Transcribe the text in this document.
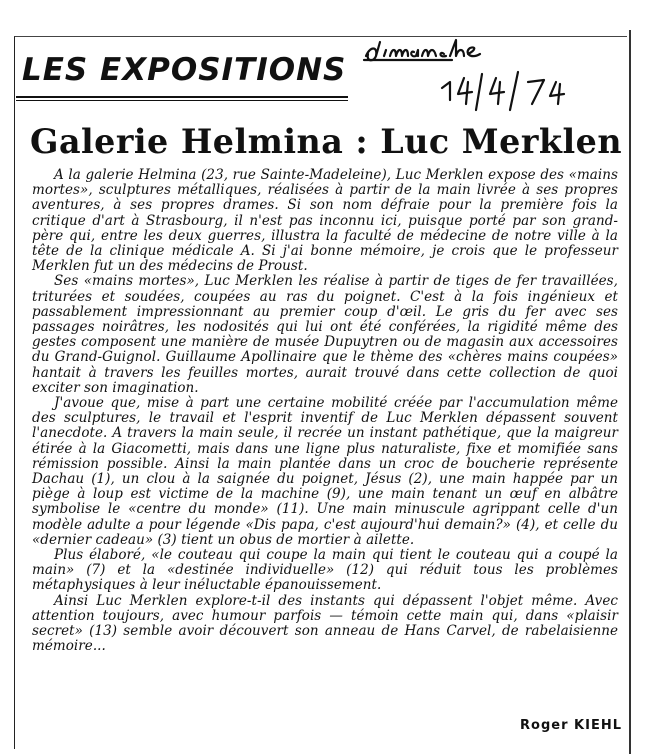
LES EXPOSITIONS
Galerie Helmina : Luc Merklen

A la galerie Helmina (23, rue Sainte-Madeleine), Luc Merklen expose des «mains mortes», sculptures métalliques, réalisées à partir de la main livrée à ses propres aventures, à ses propres drames. Si son nom défraie pour la première fois la critique d'art à Strasbourg, il n'est pas inconnu ici, puisque porté par son grand-père qui, entre les deux guerres, illustra la faculté de médecine de notre ville à la tête de la clinique médicale A. Si j'ai bonne mémoire, je crois que le professeur Merklen fut un des médecins de Proust.

Ses «mains mortes», Luc Merklen les réalise à partir de tiges de fer travaillées, triturées et soudées, coupées au ras du poignet. C'est à la fois ingénieux et passablement impressionnant au premier coup d'œil. Le gris du fer avec ses passages noirâtres, les nodosités qui lui ont été conférées, la rigidité même des gestes composent une manière de musée Dupuytren ou de magasin aux accessoires du Grand-Guignol. Guillaume Apollinaire que le thème des «chères mains coupées» hantait à travers les feuilles mortes, aurait trouvé dans cette collection de quoi exciter son imagination.

J'avoue que, mise à part une certaine mobilité créée par l'accumulation même des sculptures, le travail et l'esprit inventif de Luc Merklen dépassent souvent l'anecdote. A travers la main seule, il recrée un instant pathétique, que la maigreur étirée à la Giacometti, mais dans une ligne plus naturaliste, fixe et momifiée sans rémission possible. Ainsi la main plantée dans un croc de boucherie représente Dachau (1), un clou à la saignée du poignet, Jésus (2), une main happée par un piège à loup est victime de la machine (9), une main tenant un œuf en albâtre symbolise le «centre du monde» (11). Une main minuscule agrippant celle d'un modèle adulte a pour légende «Dis papa, c'est aujourd'hui demain?» (4), et celle du «dernier cadeau» (3) tient un obus de mortier à ailette.

Plus élaboré, «le couteau qui coupe la main qui tient le couteau qui a coupé la main» (7) et la «destinée individuelle» (12) qui réduit tous les problèmes métaphysiques à leur inéluctable épanouissement.

Ainsi Luc Merklen explore-t-il des instants qui dépassent l'objet même. Avec attention toujours, avec humour parfois — témoin cette main qui, dans «plaisir secret» (13) semble avoir découvert son anneau de Hans Carvel, de rabelaisienne mémoire...

Roger KIEHL
